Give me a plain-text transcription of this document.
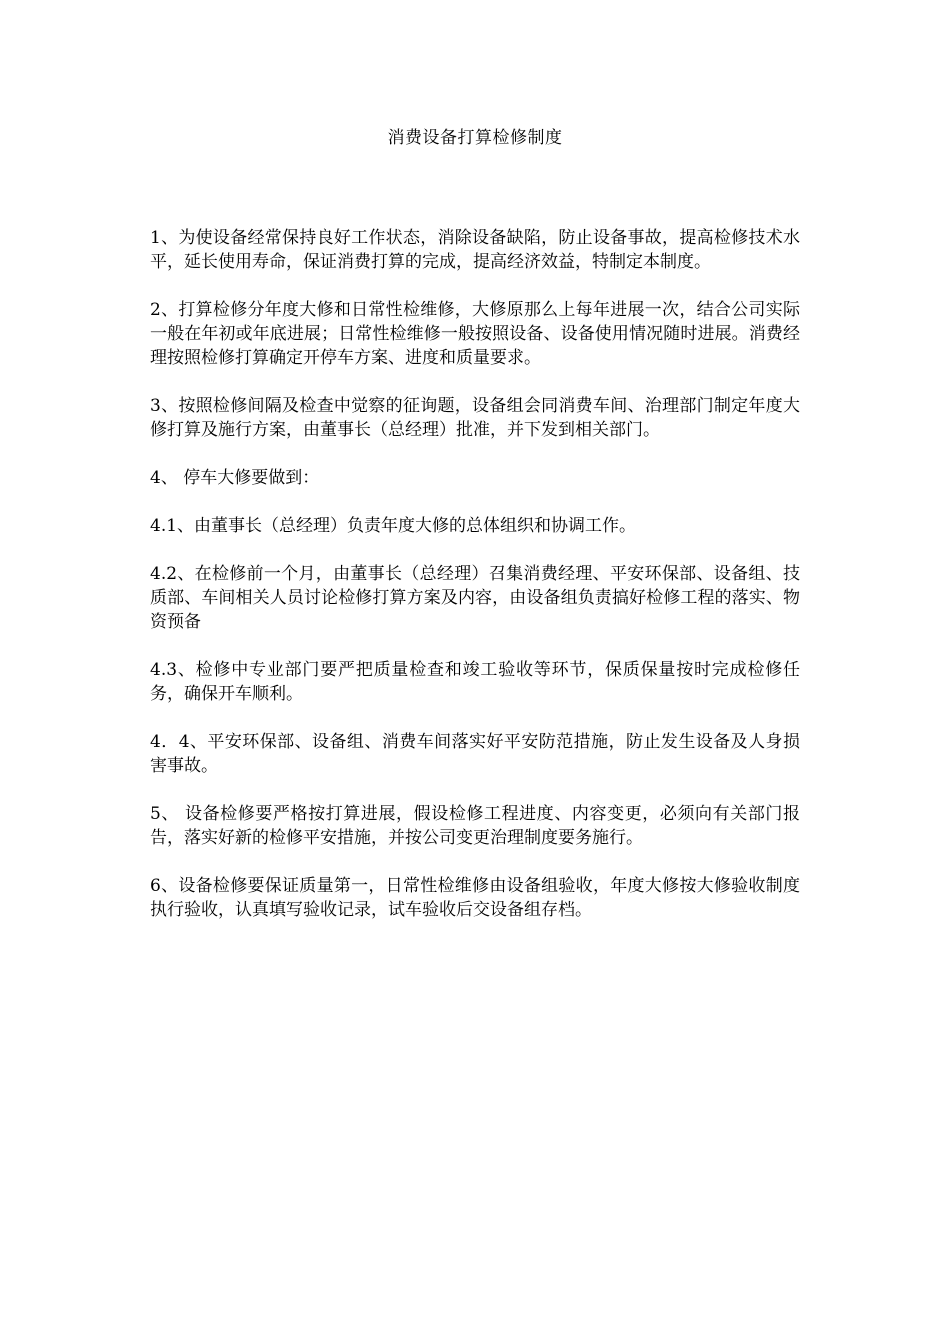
消费设备打算检修制度

1、为使设备经常保持良好工作状态，消除设备缺陷，防止设备事故，提高检修技术水平，延长使用寿命，保证消费打算的完成，提高经济效益，特制定本制度。

2、打算检修分年度大修和日常性检维修，大修原那么上每年进展一次，结合公司实际一般在年初或年底进展；日常性检维修一般按照设备、设备使用情况随时进展。消费经理按照检修打算确定开停车方案、进度和质量要求。

3、按照检修间隔及检查中觉察的征询题，设备组会同消费车间、治理部门制定年度大修打算及施行方案，由董事长（总经理）批准，并下发到相关部门。

4、 停车大修要做到：

4.1、由董事长（总经理）负责年度大修的总体组织和协调工作。

4.2、在检修前一个月，由董事长（总经理）召集消费经理、平安环保部、设备组、技质部、车间相关人员讨论检修打算方案及内容，由设备组负责搞好检修工程的落实、物资预备

4.3、检修中专业部门要严把质量检查和竣工验收等环节，保质保量按时完成检修任务，确保开车顺利。

4．4、平安环保部、设备组、消费车间落实好平安防范措施，防止发生设备及人身损害事故。

5、 设备检修要严格按打算进展，假设检修工程进度、内容变更，必须向有关部门报告，落实好新的检修平安措施，并按公司变更治理制度要务施行。

6、设备检修要保证质量第一，日常性检维修由设备组验收，年度大修按大修验收制度执行验收，认真填写验收记录，试车验收后交设备组存档。
